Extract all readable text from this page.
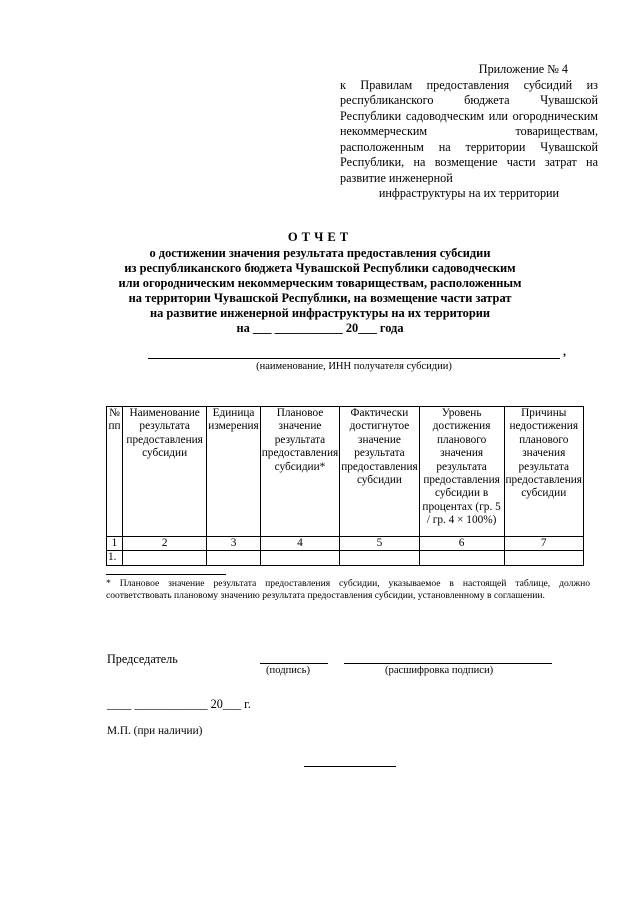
Приложение № 4
к Правилам предоставления субсидий из республиканского бюджета Чувашской Республики садоводческим или огородническим некоммерческим товариществам, расположенным на территории Чувашской Республики, на возмещение части затрат на развитие инженерной
инфраструктуры на их территории
ОТЧЕТ
о достижении значения результата предоставления субсидии
из республиканского бюджета Чувашской Республики садоводческим
или огородническим некоммерческим товариществам, расположенным
на территории Чувашской Республики, на возмещение части затрат
на развитие инженерной инфраструктуры на их территории
на ___ ___________ 20___ года
,
(наименование, ИНН получателя субсидии)
№ пп	Наименование результата предоставления субсидии	Единица измерения	Плановое значение результата предоставления субсидии*	Фактически достигнутое значение результата предоставления субсидии	Уровень достижения планового значения результата предоставления субсидии в процентах (гр. 5 / гр. 4 × 100%)	Причины недостижения планового значения результата предоставления субсидии
1	2	3	4	5	6	7
1.						
* Плановое значение результата предоставления субсидии, указываемое в настоящей таблице, должно соответствовать плановому значению результата предоставления субсидии, установленному в соглашении.
Председатель
(подпись)	(расшифровка подписи)
____ ____________ 20___ г.
М.П. (при наличии)
